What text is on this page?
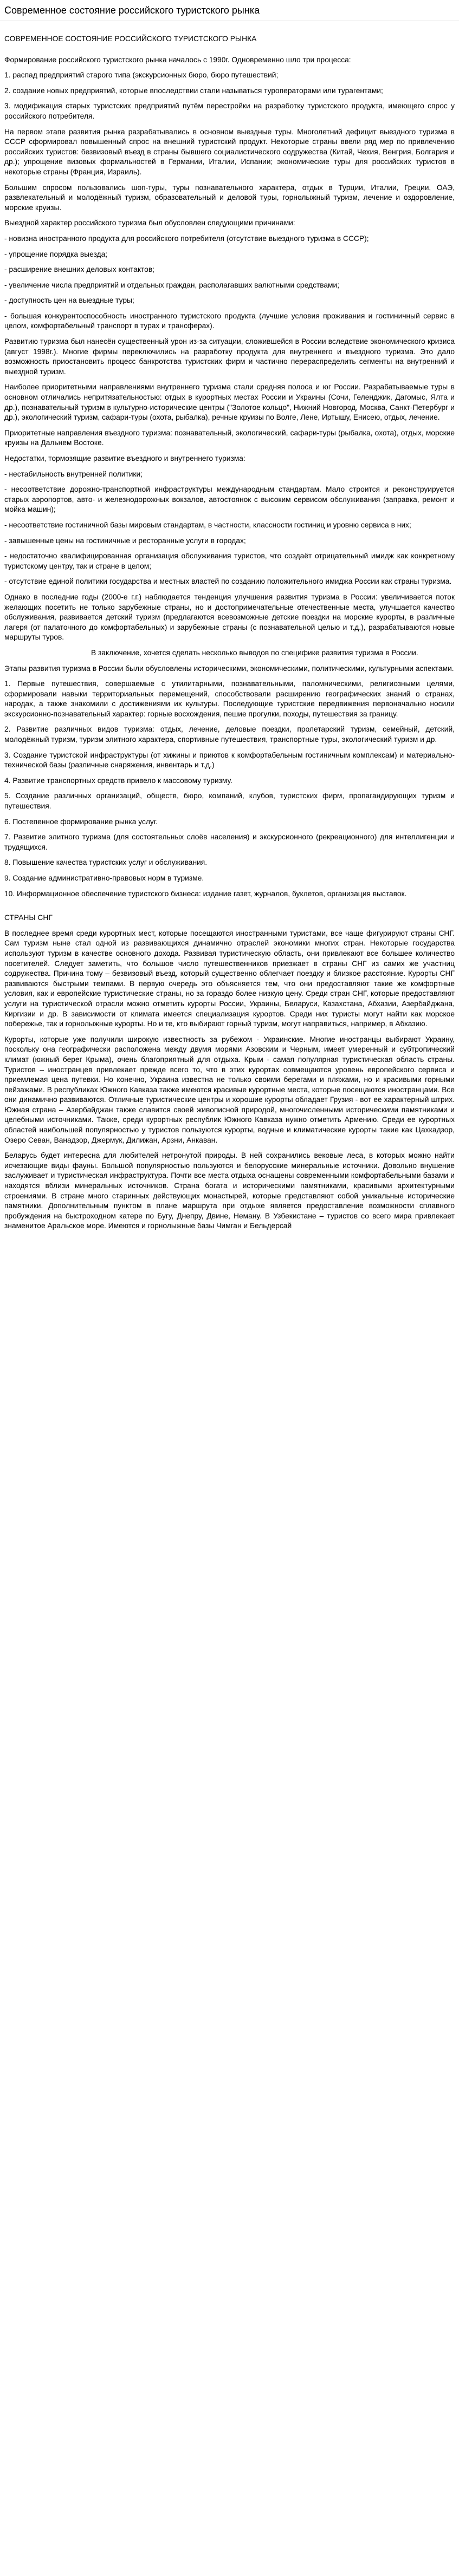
Современное состояние российского туристского рынка

СОВРЕМЕННОЕ СОСТОЯНИЕ РОССИЙСКОГО ТУРИСТСКОГО РЫНКА

Формирование российского туристского рынка началось с 1990г. Одновременно шло три процесса:

1. распад предприятий старого типа (экскурсионных бюро, бюро путешествий;

2. создание новых предприятий, которые впоследствии стали называться туроператорами или турагентами;

3. модификация старых туристских предприятий путём перестройки на разработку туристского продукта, имеющего спрос у российского потребителя.

На первом этапе развития рынка разрабатывались в основном выездные туры. Многолетний дефицит выездного туризма в СССР сформировал повышенный спрос на внешний туристский продукт. Некоторые страны ввели ряд мер по привлечению российских туристов: безвизовый въезд в страны бывшего социалистического содружества (Китай, Чехия, Венгрия, Болгария и др.); упрощение визовых формальностей в Германии, Италии, Испании; экономические туры для российских туристов в некоторые страны (Франция, Израиль).

Большим спросом пользовались шоп-туры, туры познавательного характера, отдых в Турции, Италии, Греции, ОАЭ, развлекательный и молодёжный туризм, образовательный и деловой туры, горнолыжный туризм, лечение и оздоровление, морские круизы.

Выездной характер российского туризма был обусловлен следующими причинами:

- новизна иностранного продукта для российского потребителя (отсутствие выездного туризма в СССР);

- упрощение порядка выезда;

- расширение внешних деловых контактов;

- увеличение числа предприятий и отдельных граждан, располагавших валютными средствами;

- доступность цен на выездные туры;

- большая конкурентоспособность иностранного туристского продукта (лучшие условия проживания и гостиничный сервис в целом, комфортабельный транспорт в турах и трансферах).

Развитию туризма был нанесён существенный урон из-за ситуации, сложившейся в России вследствие экономического кризиса (август 1998г.). Многие фирмы переключились на разработку продукта для внутреннего и въездного туризма. Это дало возможность приостановить процесс банкротства туристских фирм и частично перераспределить сегменты на внутренний и выездной туризм.

Наиболее приоритетными направлениями внутреннего туризма стали средняя полоса и юг России. Разрабатываемые туры в основном отличались непритязательностью: отдых в курортных местах России и Украины (Сочи, Геленджик, Дагомыс, Ялта и др.), познавательный туризм в культурно-исторические центры ("Золотое кольцо", Нижний Новгород, Москва, Санкт-Петербург и др.), экологический туризм, сафари-туры (охота, рыбалка), речные круизы по Волге, Лене, Иртышу, Енисею, отдых, лечение.

Приоритетные направления въездного туризма: познавательный, экологический, сафари-туры (рыбалка, охота), отдых, морские круизы на Дальнем Востоке.

Недостатки, тормозящие развитие въездного и внутреннего туризма:

- нестабильность внутренней политики;

- несоответствие дорожно-транспортной инфраструктуры международным стандартам. Мало строится и реконструируется старых аэропортов, авто- и железнодорожных вокзалов, автостоянок с высоким сервисом обслуживания (заправка, ремонт и мойка машин);

- несоответствие гостиничной базы мировым стандартам, в частности, классности гостиниц и уровню сервиса в них;

- завышенные цены на гостиничные и ресторанные услуги в городах;

- недостаточно квалифицированная организация обслуживания туристов, что создаёт отрицательный имидж как конкретному туристскому центру, так и стране в целом;

- отсутствие единой политики государства и местных властей по созданию положительного имиджа России как страны туризма.

Однако в последние годы (2000-е г.г.) наблюдается тенденция улучшения развития туризма в России: увеличивается поток желающих посетить не только зарубежные страны, но и достопримечательные отечественные места, улучшается качество обслуживания, развивается детский туризм (предлагаются всевозможные детские поездки на морские курорты, в различные лагеря (от палаточного до комфортабельных) и зарубежные страны (с познавательной целью и т.д.), разрабатываются новые маршруты туров.

В заключение, хочется сделать несколько выводов по специфике развития туризма в России.

Этапы развития туризма в России были обусловлены историческими, экономическими, политическими, культурными аспектами.

1. Первые путешествия, совершаемые с утилитарными, познавательными, паломническими, религиозными целями, сформировали навыки территориальных перемещений, способствовали расширению географических знаний о странах, народах, а также знакомили с достижениями их культуры. Последующие туристские передвижения первоначально носили экскурсионно-познавательный характер: горные восхождения, пешие прогулки, походы, путешествия за границу.

2. Развитие различных видов туризма: отдых, лечение, деловые поездки, пролетарский туризм, семейный, детский, молодёжный туризм, туризм элитного характера, спортивные путешествия, транспортные туры, экологический туризм и др.

3. Создание туристской инфраструктуры (от хижины и приютов к комфортабельным гостиничным комплексам) и материально-технической базы (различные снаряжения, инвентарь и т.д.)

4. Развитие транспортных средств привело к массовому туризму.

5. Создание различных организаций, обществ, бюро, компаний, клубов, туристских фирм, пропагандирующих туризм и путешествия.

6. Постепенное формирование рынка услуг.

7. Развитие элитного туризма (для состоятельных слоёв населения) и экскурсионного (рекреационного) для интеллигенции и трудящихся.

8. Повышение качества туристских услуг и обслуживания.

9. Создание административно-правовых норм в туризме.

10. Информационное обеспечение туристского бизнеса: издание газет, журналов, буклетов, организация выставок.

СТРАНЫ СНГ

В последнее время среди курортных мест, которые посещаются иностранными туристами, все чаще фигурируют страны СНГ. Сам туризм ныне стал одной из развивающихся динамично отраслей экономики многих стран. Некоторые государства используют туризм в качестве основного дохода. Развивая туристическую область, они привлекают все большее количество посетителей. Следует заметить, что большое число путешественников приезжает в страны СНГ из самих же участниц содружества. Причина тому – безвизовый въезд, который существенно облегчает поездку и близкое расстояние. Курорты СНГ развиваются быстрыми темпами. В первую очередь это объясняется тем, что они предоставляют такие же комфортные условия, как и европейские туристические страны, но за гораздо более низкую цену. Среди стран СНГ, которые предоставляют услуги на туристической отрасли можно отметить курорты России, Украины, Беларуси, Казахстана, Абхазии, Азербайджана, Киргизии и др. В зависимости от климата имеется специализация курортов. Среди них туристы могут найти как морское побережье, так и горнолыжные курорты. Но и те, кто выбирают горный туризм, могут направиться, например, в Абхазию.

Курорты, которые уже получили широкую известность за рубежом - Украинские. Многие иностранцы выбирают Украину, поскольку она географически расположена между двумя морями Азовским и Черным, имеет умеренный и субтропический климат (южный берег Крыма), очень благоприятный для отдыха. Крым - самая популярная туристическая область страны. Туристов – иностранцев привлекает прежде всего то, что в этих курортах совмещаются уровень европейского сервиса и приемлемая цена путевки. Но конечно, Украина известна не только своими берегами и пляжами, но и красивыми горными пейзажами. В республиках Южного Кавказа также имеются красивые курортные места, которые посещаются иностранцами. Все они динамично развиваются. Отличные туристические центры и хорошие курорты обладает Грузия - вот ее характерный штрих. Южная страна – Азербайджан также славится своей живописной природой, многочисленными историческими памятниками и целебными источниками. Также, среди курортных республик Южного Кавказа нужно отметить Армению. Среди ее курортных областей наибольшей популярностью у туристов пользуются курорты, водные и климатические курорты такие как Цахкадзор, Озеро Севан, Ванадзор, Джермук, Дилижан, Арзни, Анкаван.

Беларусь будет интересна для любителей нетронутой природы. В ней сохранились вековые леса, в которых можно найти исчезающие виды фауны. Большой популярностью пользуются и белорусские минеральные источники. Довольно внушение заслуживает и туристическая инфраструктура. Почти все места отдыха оснащены современными комфортабельными базами и находятся вблизи минеральных источников. Страна богата и историческими памятниками, красивыми архитектурными строениями. В стране много старинных действующих монастырей, которые представляют собой уникальные исторические памятники. Дополнительным пунктом в плане маршрута при отдыхе является предоставление возможности сплавного пробуждения на быстроходном катере по Бугу, Днепру, Двине, Неману. В Узбекистане – туристов со всего мира привлекает знаменитое Аральское море. Имеются и горнолыжные базы Чимган и Бельдерсай
